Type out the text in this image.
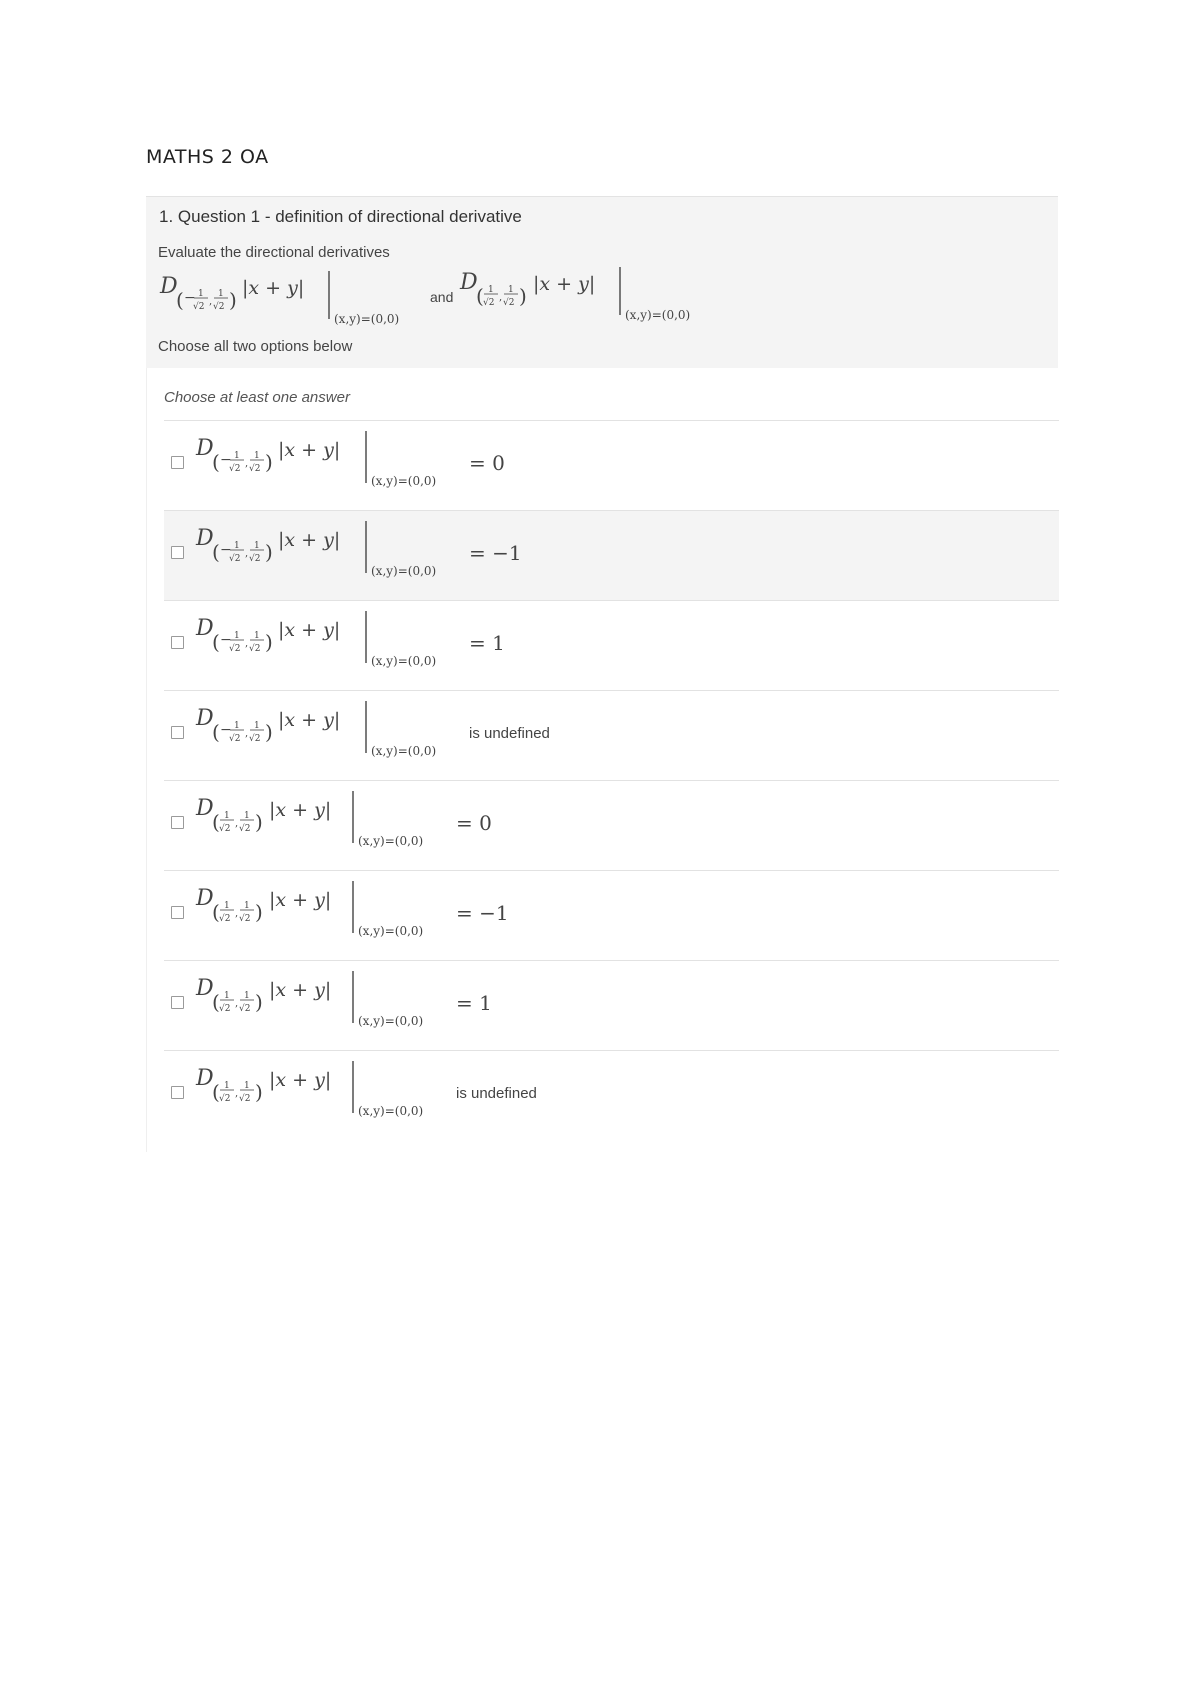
MATHS 2 OA
1. Question 1 - definition of directional derivative
Evaluate the directional derivatives
D
( − 1
√2 ,
1
√2 ) |x + y|
(x,y)=(0,0)
and
D
( 1
√2 ,
1
√2 ) |x + y|
(x,y)=(0,0)
Choose all two options below
Choose at least one answer
D
( − 1
√2 ,
1
√2 ) |x + y|
(x,y)=(0,0)
= 0
D
( − 1
√2 ,
1
√2 ) |x + y|
(x,y)=(0,0)
= −1
D
( − 1
√2 ,
1
√2 ) |x + y|
(x,y)=(0,0)
= 1
D
( − 1
√2 ,
1
√2 ) |x + y|
(x,y)=(0,0)
is undefined
D
( 1
√2 ,
1
√2 ) |x + y|
(x,y)=(0,0)
= 0
D
( 1
√2 ,
1
√2 ) |x + y|
(x,y)=(0,0)
= −1
D
( 1
√2 ,
1
√2 ) |x + y|
(x,y)=(0,0)
= 1
D
( 1
√2 ,
1
√2 ) |x + y|
(x,y)=(0,0)
is undefined
